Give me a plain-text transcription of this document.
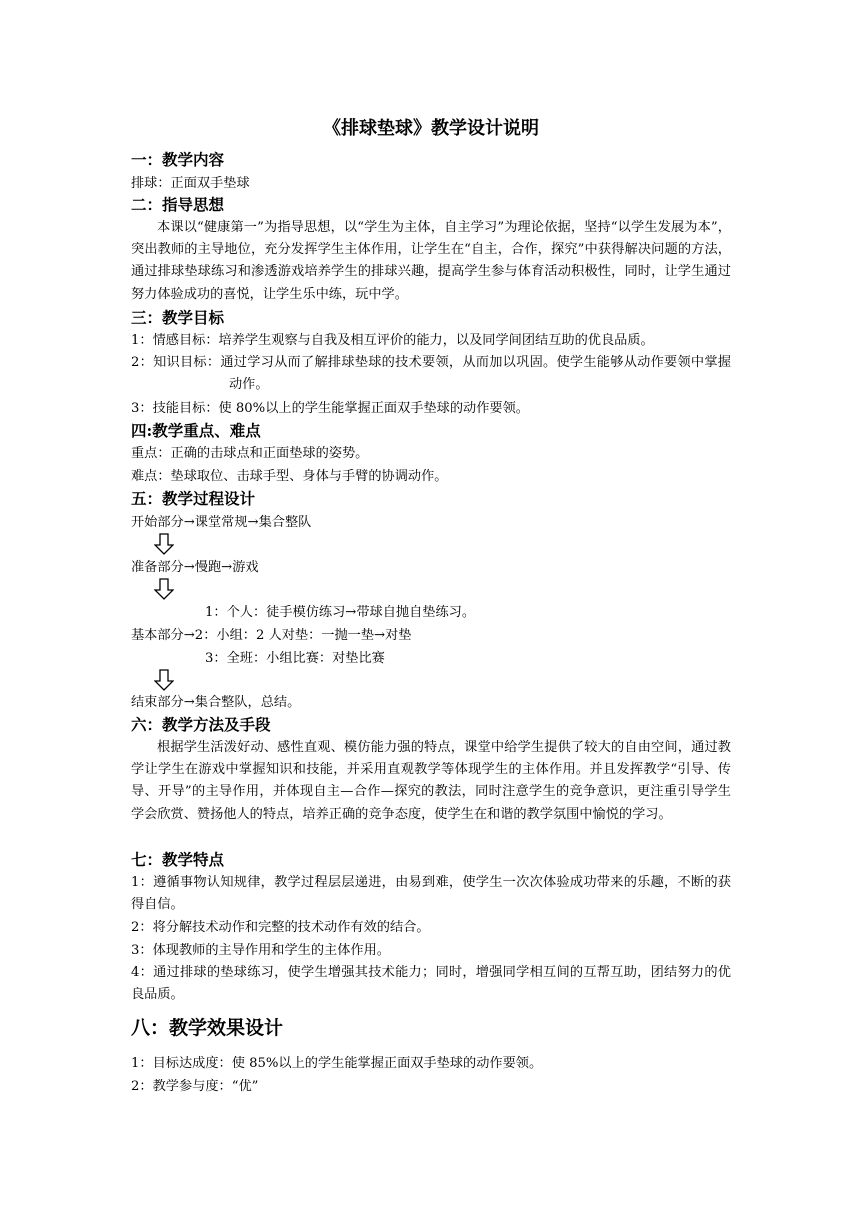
《排球垫球》教学设计说明
一：教学内容
排球：正面双手垫球
二：指导思想
本课以“健康第一”为指导思想，以“学生为主体，自主学习”为理论依据，坚持“以学生发展为本”，突出教师的主导地位，充分发挥学生主体作用，让学生在“自主，合作，探究”中获得解决问题的方法，通过排球垫球练习和渗透游戏培养学生的排球兴趣，提高学生参与体育活动积极性，同时，让学生通过努力体验成功的喜悦，让学生乐中练，玩中学。
三：教学目标
1：情感目标：培养学生观察与自我及相互评价的能力，以及同学间团结互助的优良品质。
2：知识目标：通过学习从而了解排球垫球的技术要领，从而加以巩固。使学生能够从动作要领中掌握动作。
3：技能目标：使 80%以上的学生能掌握正面双手垫球的动作要领。
四:教学重点、难点
重点：正确的击球点和正面垫球的姿势。
难点：垫球取位、击球手型、身体与手臂的协调动作。
五：教学过程设计
开始部分→课堂常规→集合整队
准备部分→慢跑→游戏
1：个人：徒手模仿练习→带球自抛自垫练习。
基本部分→2：小组：2 人对垫：一抛一垫→对垫
3：全班：小组比赛：对垫比赛
结束部分→集合整队，总结。
六：教学方法及手段
根据学生活泼好动、感性直观、模仿能力强的特点，课堂中给学生提供了较大的自由空间，通过教学让学生在游戏中掌握知识和技能，并采用直观教学等体现学生的主体作用。并且发挥教学“引导、传导、开导”的主导作用，并体现自主—合作—探究的教法，同时注意学生的竞争意识，更注重引导学生学会欣赏、赞扬他人的特点，培养正确的竞争态度，使学生在和谐的教学氛围中愉悦的学习。
七：教学特点
1：遵循事物认知规律，教学过程层层递进，由易到难，使学生一次次体验成功带来的乐趣，不断的获得自信。
2：将分解技术动作和完整的技术动作有效的结合。
3：体现教师的主导作用和学生的主体作用。
4：通过排球的垫球练习，使学生增强其技术能力；同时，增强同学相互间的互帮互助，团结努力的优良品质。
八：教学效果设计
1：目标达成度：使 85%以上的学生能掌握正面双手垫球的动作要领。
2：教学参与度：“优”
